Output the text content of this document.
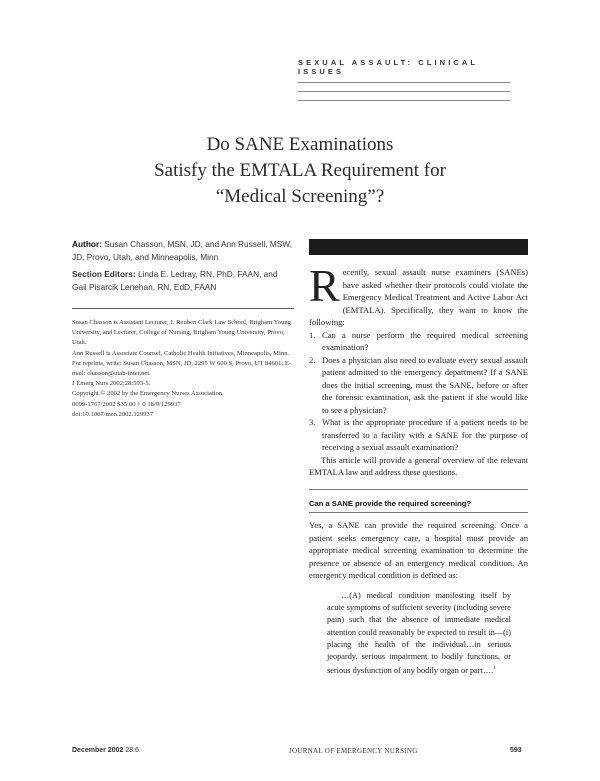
SEXUAL ASSAULT: CLINICAL ISSUES
Do SANE Examinations
Satisfy the EMTALA Requirement for
“Medical Screening”?
Author: Susan Chasson, MSN, JD, and Ann Russell, MSW, JD, Provo, Utah, and Minneapolis, Minn
Section Editors: Linda E. Ledray, RN, PhD, FAAN, and Gail Pisarcik Lenehan, RN, EdD, FAAN

Susan Chasson is Assistant Lecturer, J. Reuben Clark Law School, Brigham Young University, and Lecturer, College of Nursing, Brigham Young University, Provo, Utah.

Ann Russell is Associate Counsel, Catholic Health Initiatives, Minneapolis, Minn.

For reprints, write: Susan Chasson, MSN, JD, 2295 W 600 S, Provo, UT 84601; E-mail: chasson@utah-inter.net.

J Emerg Nurs 2002;28:593-5.

Copyright © 2002 by the Emergency Nurses Association.

0099-1767/2002 $35.00 + 0 18/9/129937

doi:10.1067/men.2002.129937

R ecently, sexual assault nurse examiners (SANEs) have asked whether their protocols could violate the Emergency Medical Treatment and Active Labor Act (EMTALA). Specifically, they want to know the following:

1. Can a nurse perform the required medical screening examination?
2. Does a physician also need to evaluate every sexual assault patient admitted to the emergency department? If a SANE does the initial screening, must the SANE, before or after the forensic examination, ask the patient if she would like to see a physician?
3. What is the appropriate procedure if a patient needs to be transferred to a facility with a SANE for the purpose of receiving a sexual assault examination?

This article will provide a general overview of the relevant EMTALA law and address these questions.

Can a SANE provide the required screening?

Yes, a SANE can provide the required screening. Once a patient seeks emergency care, a hospital must provide an appropriate medical screening examination to determine the presence or absence of an emergency medical condition. An emergency medical condition is defined as:

…(A) medical condition manifesting itself by acute symptoms of sufficient severity (including severe pain) such that the absence of immediate medical attention could reasonably be expected to result in—(i) placing the health of the individual…in serious jeopardy, serious impairment to bodily functions, or serious dysfunction of any bodily organ or part….$^1$

December 2002 28:6	JOURNAL OF EMERGENCY NURSING	593
